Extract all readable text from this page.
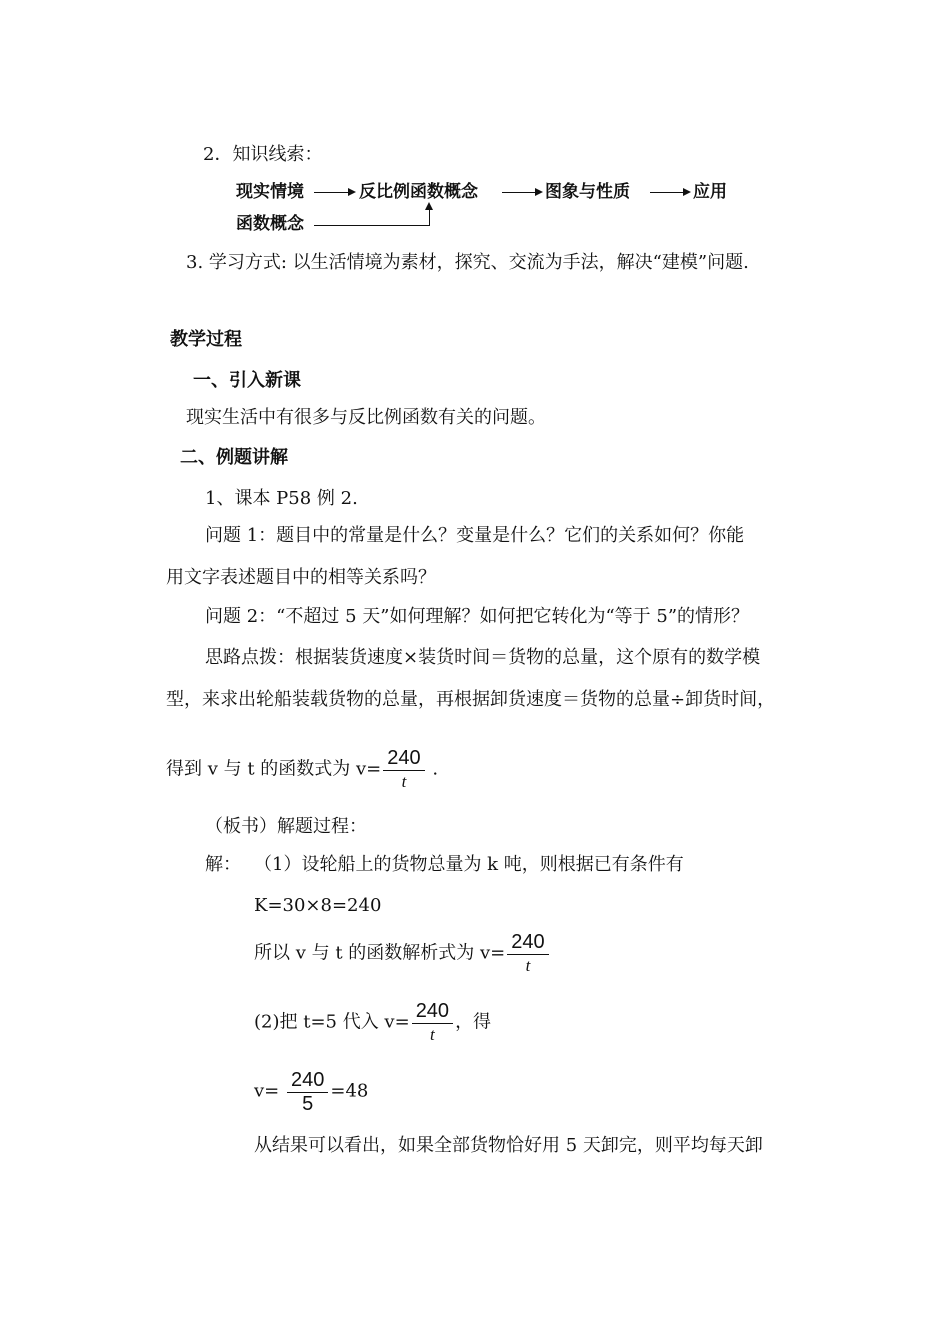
2．知识线索：
现实情境	反比例函数概念	图象与性质	应用
函数概念
3. 学习方式: 以生活情境为素材，探究、交流为手法，解决“建模”问题.
教学过程
一、引入新课
现实生活中有很多与反比例函数有关的问题。
二、例题讲解
1、课本 P58 例 2.
问题 1：题目中的常量是什么？变量是什么？它们的关系如何？你能
用文字表述题目中的相等关系吗？
问题 2：“不超过 5 天”如何理解？如何把它转化为“等于 5”的情形？
思路点拨：根据装货速度×装货时间＝货物的总量，这个原有的数学模
型，来求出轮船装载货物的总量，再根据卸货速度＝货物的总量÷卸货时间，
得到 v 与 t 的函数式为 $v= \frac{240}{t}$ .
（板书）解题过程：
解： （1）设轮船上的货物总量为 k 吨，则根据已有条件有
K=30×8=240
所以 v 与 t 的函数解析式为 $v= \frac{240}{t}$
(2)把 t=5 代入 $v= \frac{240}{t}$ ，得
$v= \frac{240}{5} =48$
从结果可以看出，如果全部货物恰好用 5 天卸完，则平均每天卸
